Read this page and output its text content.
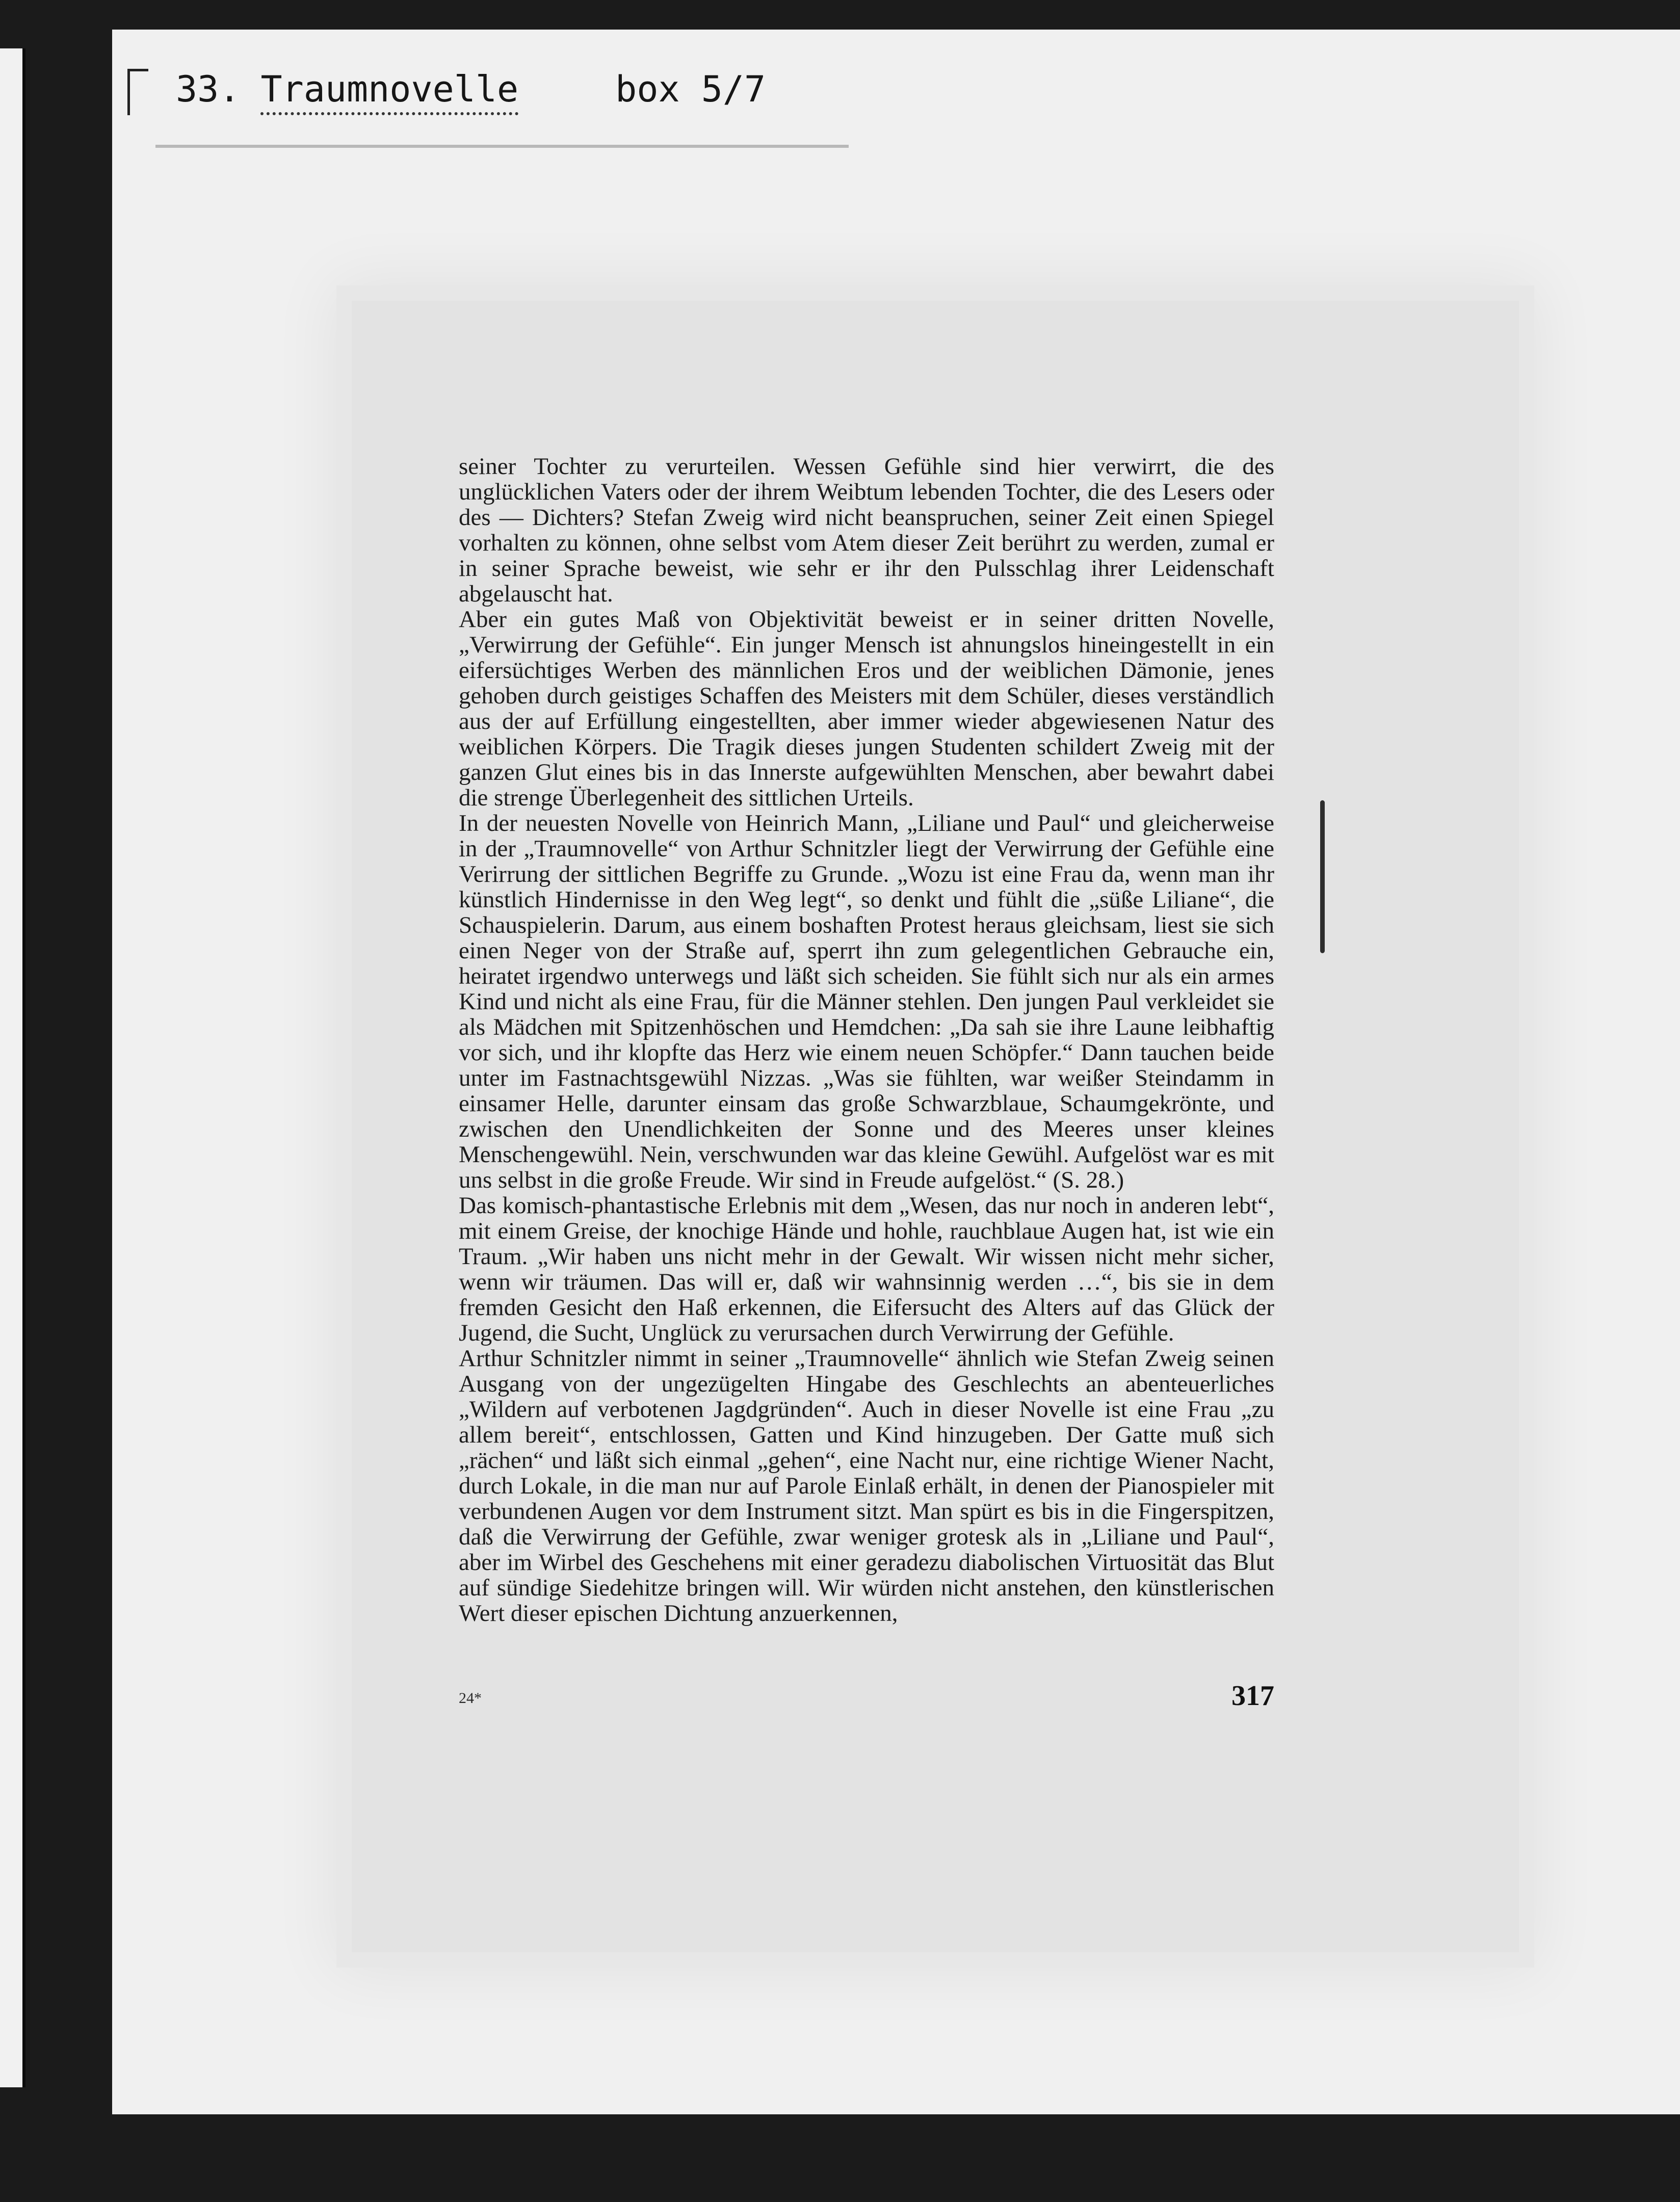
33. Traumnovelle	box 5/7

seiner Tochter zu verurteilen. Wessen Gefühle sind hier verwirrt, die des unglücklichen Vaters oder der ihrem Weibtum lebenden Tochter, die des Lesers oder des — Dichters? Stefan Zweig wird nicht beanspruchen, seiner Zeit einen Spiegel vorhalten zu können, ohne selbst vom Atem dieser Zeit berührt zu werden, zumal er in seiner Sprache beweist, wie sehr er ihr den Pulsschlag ihrer Leidenschaft abgelauscht hat.

Aber ein gutes Maß von Objektivität beweist er in seiner dritten Novelle, „Verwirrung der Gefühle“. Ein junger Mensch ist ahnungslos hineingestellt in ein eifersüchtiges Werben des männlichen Eros und der weiblichen Dämonie, jenes gehoben durch geistiges Schaffen des Meisters mit dem Schüler, dieses verständlich aus der auf Erfüllung eingestellten, aber immer wieder abgewiesenen Natur des weiblichen Körpers. Die Tragik dieses jungen Studenten schildert Zweig mit der ganzen Glut eines bis in das Innerste aufgewühlten Menschen, aber bewahrt dabei die strenge Überlegenheit des sittlichen Urteils.

In der neuesten Novelle von Heinrich Mann, „Liliane und Paul“ und gleicherweise in der „Traumnovelle“ von Arthur Schnitzler liegt der Verwirrung der Gefühle eine Verirrung der sittlichen Begriffe zu Grunde. „Wozu ist eine Frau da, wenn man ihr künstlich Hindernisse in den Weg legt“, so denkt und fühlt die „süße Liliane“, die Schauspielerin. Darum, aus einem boshaften Protest heraus gleichsam, liest sie sich einen Neger von der Straße auf, sperrt ihn zum gelegentlichen Gebrauche ein, heiratet irgendwo unterwegs und läßt sich scheiden. Sie fühlt sich nur als ein armes Kind und nicht als eine Frau, für die Männer stehlen. Den jungen Paul verkleidet sie als Mädchen mit Spitzenhöschen und Hemdchen: „Da sah sie ihre Laune leibhaftig vor sich, und ihr klopfte das Herz wie einem neuen Schöpfer.“ Dann tauchen beide unter im Fastnachtsgewühl Nizzas. „Was sie fühlten, war weißer Steindamm in einsamer Helle, darunter einsam das große Schwarzblaue, Schaumgekrönte, und zwischen den Unendlichkeiten der Sonne und des Meeres unser kleines Menschengewühl. Nein, verschwunden war das kleine Gewühl. Aufgelöst war es mit uns selbst in die große Freude. Wir sind in Freude aufgelöst.“ (S. 28.)

Das komisch-phantastische Erlebnis mit dem „Wesen, das nur noch in anderen lebt“, mit einem Greise, der knochige Hände und hohle, rauchblaue Augen hat, ist wie ein Traum. „Wir haben uns nicht mehr in der Gewalt. Wir wissen nicht mehr sicher, wenn wir träumen. Das will er, daß wir wahnsinnig werden …“, bis sie in dem fremden Gesicht den Haß erkennen, die Eifersucht des Alters auf das Glück der Jugend, die Sucht, Unglück zu verursachen durch Verwirrung der Gefühle.

Arthur Schnitzler nimmt in seiner „Traumnovelle“ ähnlich wie Stefan Zweig seinen Ausgang von der ungezügelten Hingabe des Geschlechts an abenteuerliches „Wildern auf verbotenen Jagdgründen“. Auch in dieser Novelle ist eine Frau „zu allem bereit“, entschlossen, Gatten und Kind hinzugeben. Der Gatte muß sich „rächen“ und läßt sich einmal „gehen“, eine Nacht nur, eine richtige Wiener Nacht, durch Lokale, in die man nur auf Parole Einlaß erhält, in denen der Pianospieler mit verbundenen Augen vor dem Instrument sitzt. Man spürt es bis in die Fingerspitzen, daß die Verwirrung der Gefühle, zwar weniger grotesk als in „Liliane und Paul“, aber im Wirbel des Geschehens mit einer geradezu diabolischen Virtuosität das Blut auf sündige Siedehitze bringen will. Wir würden nicht anstehen, den künstlerischen Wert dieser epischen Dichtung anzuerkennen,

24*	317
